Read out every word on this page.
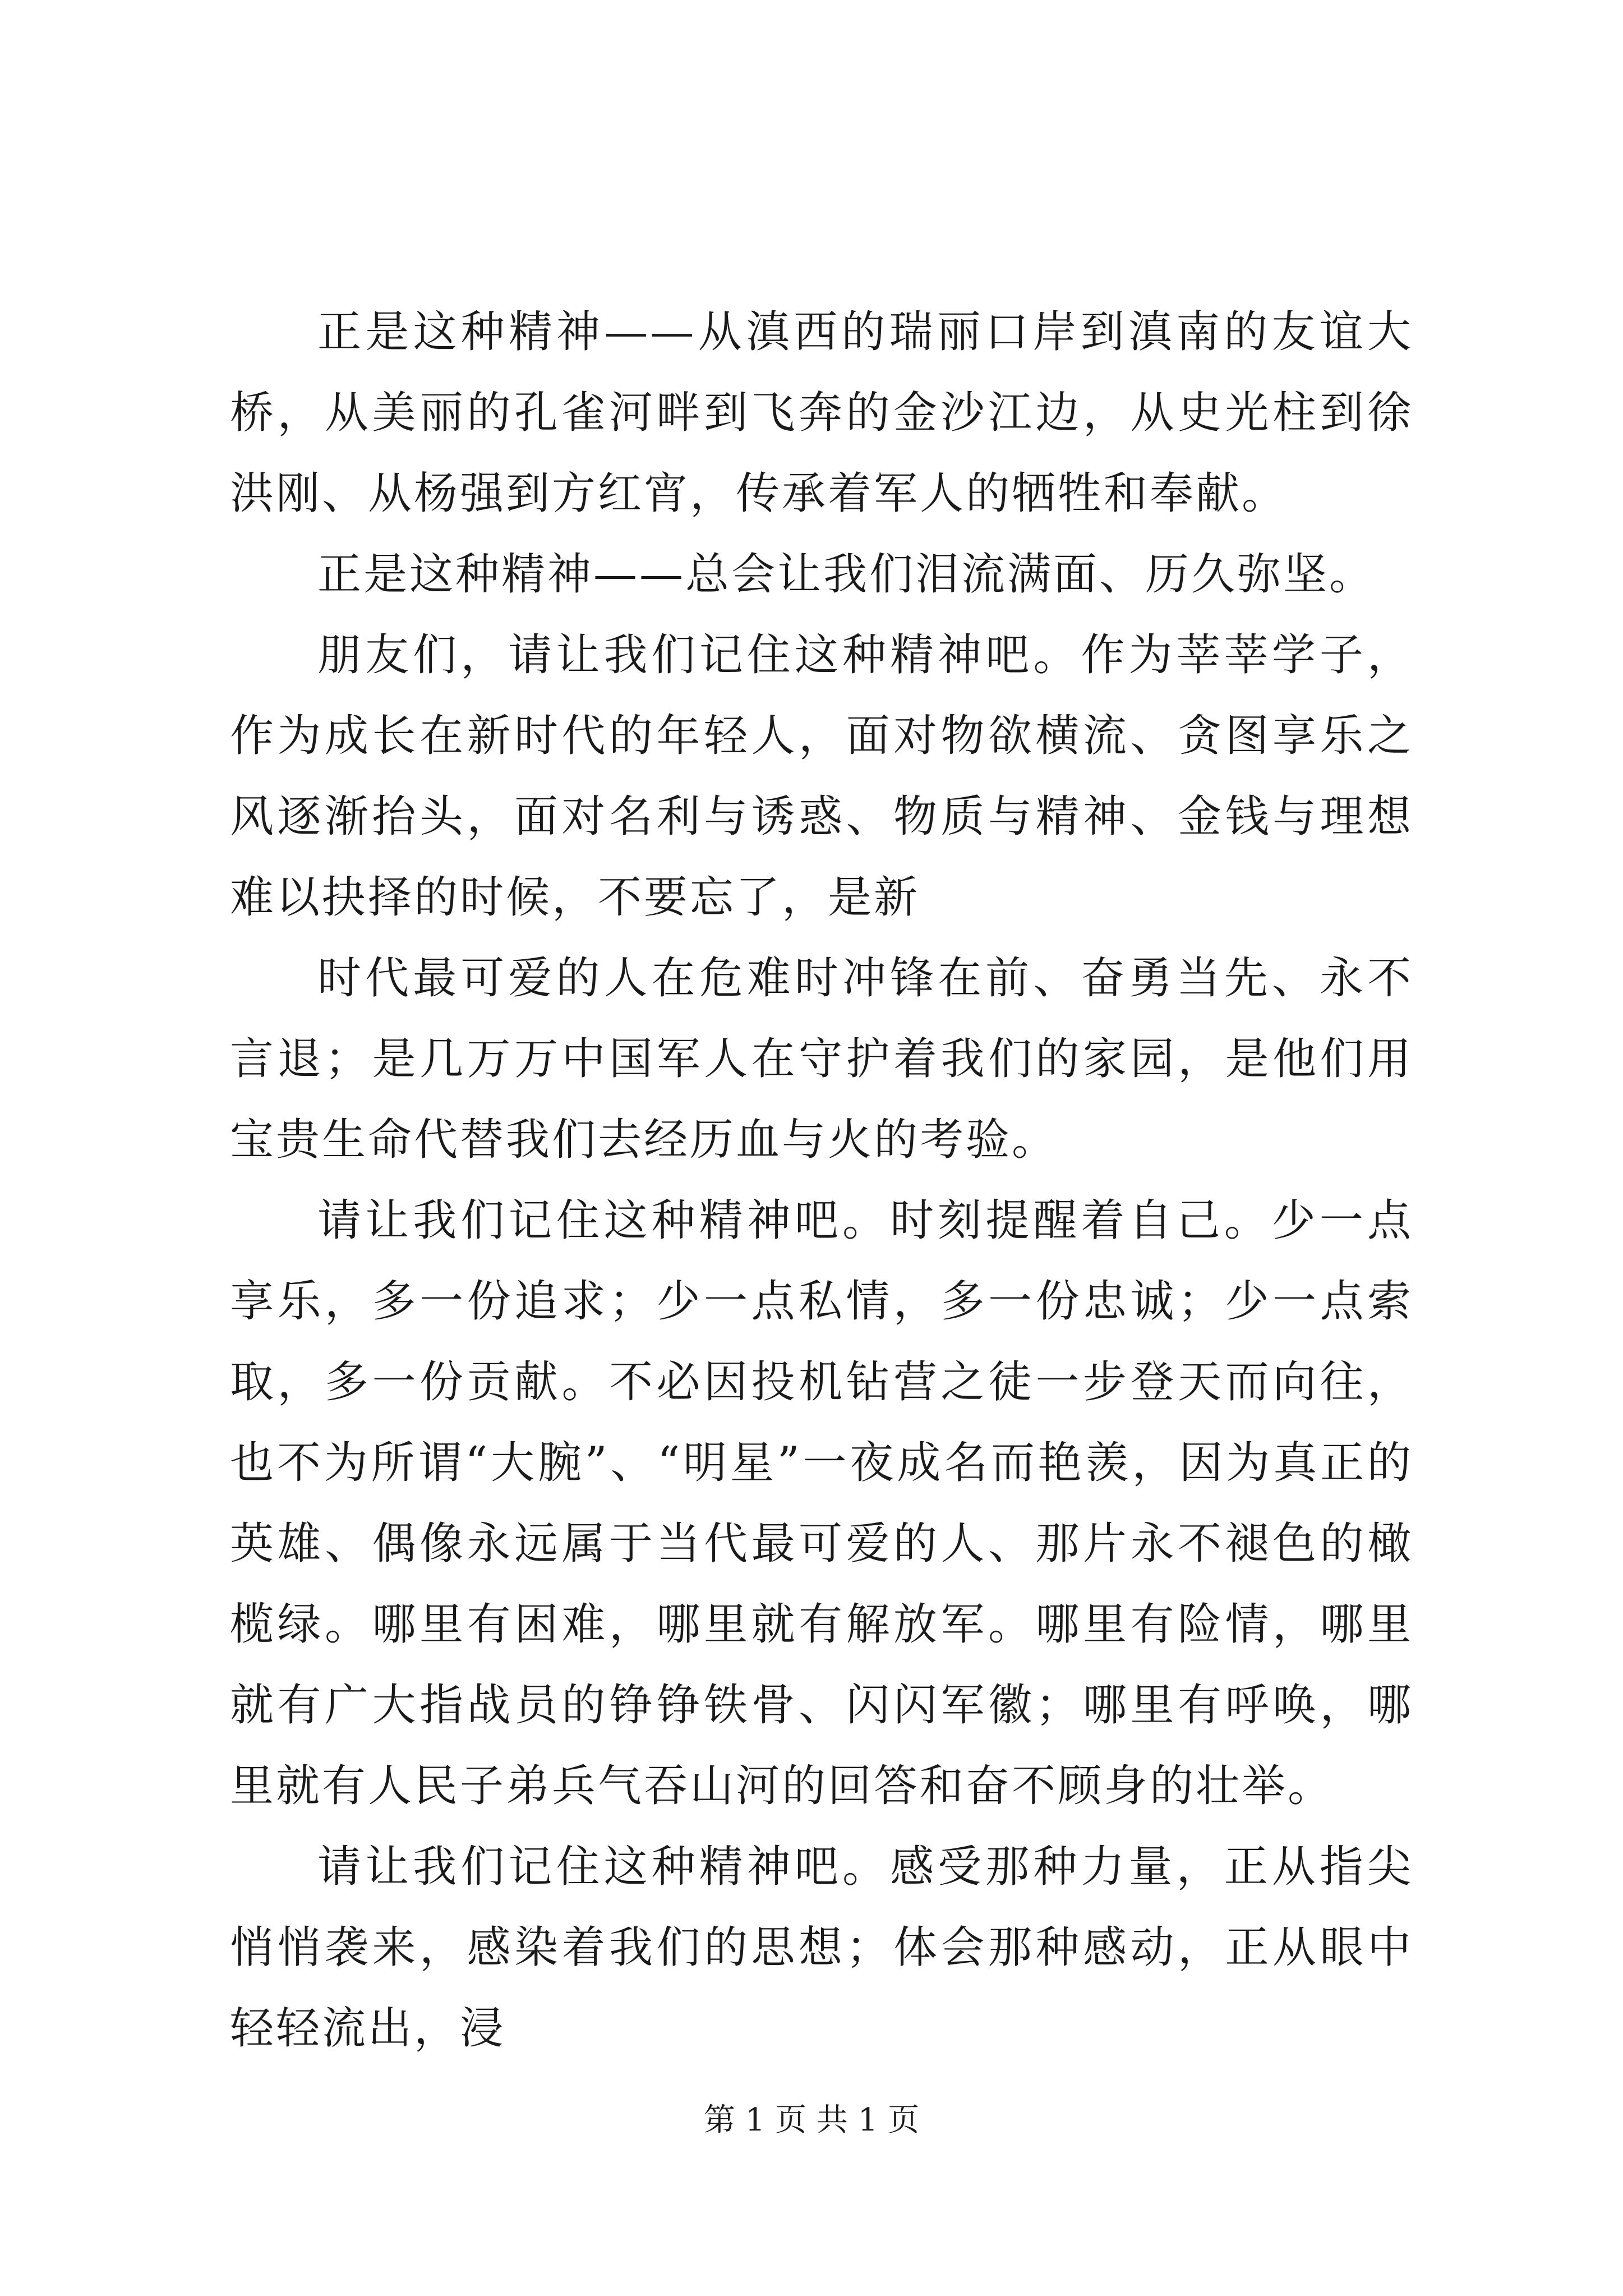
正是这种精神——从滇西的瑞丽口岸到滇南的友谊大桥，从美丽的孔雀河畔到飞奔的金沙江边，从史光柱到徐洪刚、从杨强到方红宵，传承着军人的牺牲和奉献。

正是这种精神——总会让我们泪流满面、历久弥坚。

朋友们，请让我们记住这种精神吧。作为莘莘学子，作为成长在新时代的年轻人，面对物欲横流、贪图享乐之风逐渐抬头，面对名利与诱惑、物质与精神、金钱与理想难以抉择的时候，不要忘了，是新

时代最可爱的人在危难时冲锋在前、奋勇当先、永不言退；是几万万中国军人在守护着我们的家园，是他们用宝贵生命代替我们去经历血与火的考验。

请让我们记住这种精神吧。时刻提醒着自己。少一点享乐，多一份追求；少一点私情，多一份忠诚；少一点索取，多一份贡献。不必因投机钻营之徒一步登天而向往，也不为所谓“大腕”、“明星”一夜成名而艳羡，因为真正的英雄、偶像永远属于当代最可爱的人、那片永不褪色的橄榄绿。哪里有困难，哪里就有解放军。哪里有险情，哪里就有广大指战员的铮铮铁骨、闪闪军徽；哪里有呼唤，哪里就有人民子弟兵气吞山河的回答和奋不顾身的壮举。

请让我们记住这种精神吧。感受那种力量，正从指尖悄悄袭来，感染着我们的思想；体会那种感动，正从眼中轻轻流出，浸

第 1 页 共 1 页
